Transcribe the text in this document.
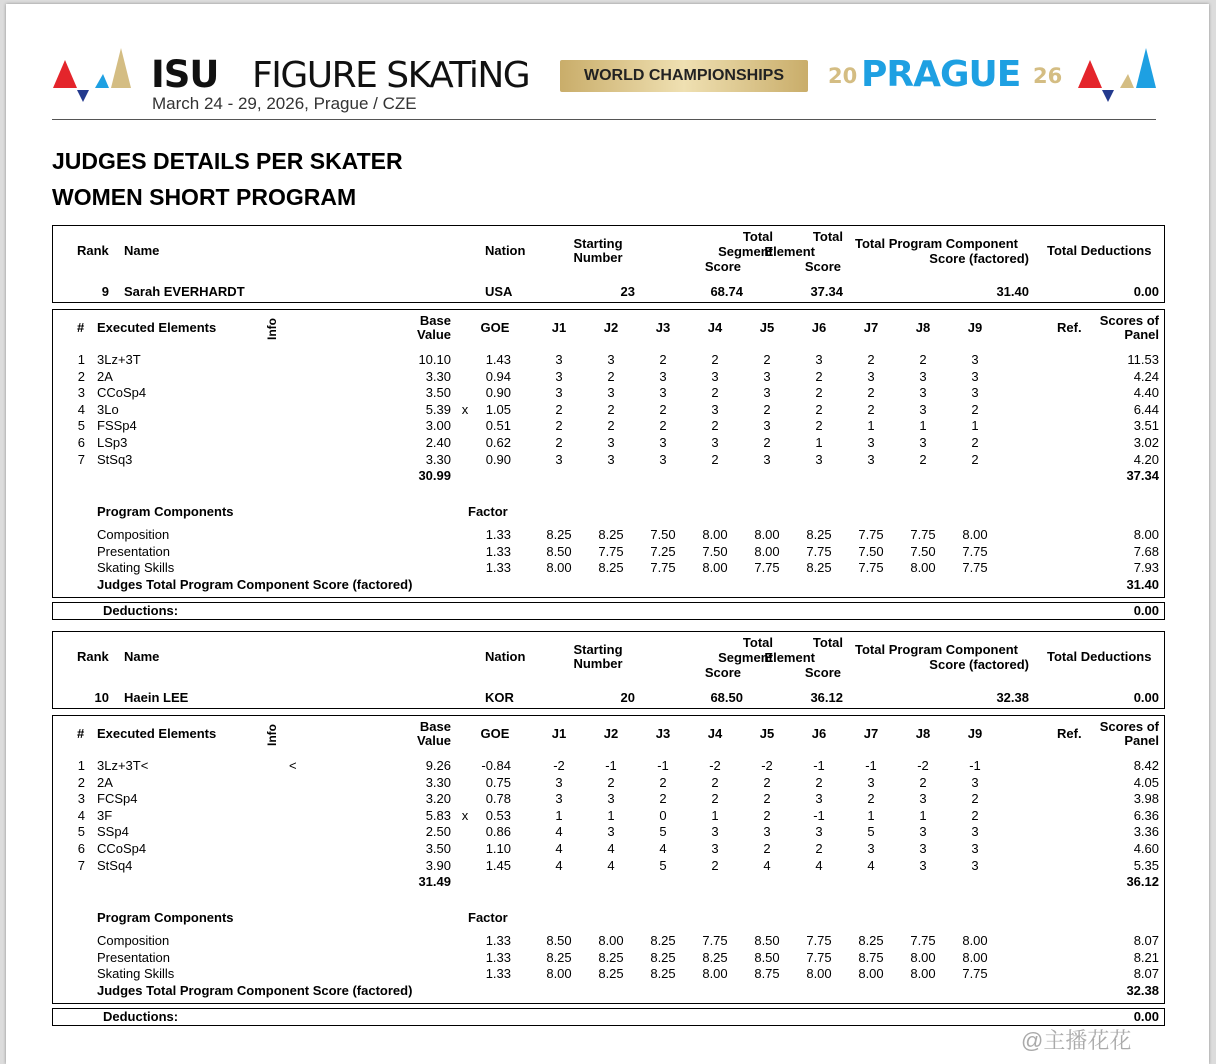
ISU FIGURE SKATiNG	WORLD CHAMPIONSHIPS	20 PRAGUE 26
March 24 - 29, 2026, Prague / CZE
JUDGES DETAILS PER SKATER
WOMEN SHORT PROGRAM
Rank Name	Nation	Starting
Number
Total
Segment
Score
Total
Element
Score
Total Program Component
Score (factored)
Total Deductions
9 Sarah EVERHARDT	USA	23	68.74	37.34	31.40	0.00
# Executed Elements	Info	Base
Value	GOE	J1	J2	J3	J4	J5	J6	J7	J8	J9	Ref.	Scores of
Panel
1 3Lz+3T	10.10	1.43	3	3	2	2	2	3	2	2	3	11.53
2 2A	3.30	0.94	3	2	3	3	3	2	3	3	3	4.24
3 CCoSp4	3.50	0.90	3	3	3	2	3	2	2	3	3	4.40
4 3Lo	5.39 x	1.05	2	2	2	3	2	2	2	3	2	6.44
5 FSSp4	3.00	0.51	2	2	2	2	3	2	1	1	1	3.51
6 LSp3	2.40	0.62	2	3	3	3	2	1	3	3	2	3.02
7 StSq3	3.30	0.90	3	3	3	2	3	3	3	2	2	4.20
30.99	37.34
Program Components	Factor
Composition	1.33	8.25	8.25	7.50	8.00	8.00	8.25	7.75	7.75	8.00	8.00
Presentation	1.33	8.50	7.75	7.25	7.50	8.00	7.75	7.50	7.50	7.75	7.68
Skating Skills	1.33	8.00	8.25	7.75	8.00	7.75	8.25	7.75	8.00	7.75	7.93
Judges Total Program Component Score (factored)	31.40
Deductions:	0.00
Rank Name	Nation	Starting
Number
Total
Segment
Score
Total
Element
Score
Total Program Component
Score (factored)
Total Deductions
10 Haein LEE	KOR	20	68.50	36.12	32.38	0.00
# Executed Elements	Info	Base
Value	GOE	J1	J2	J3	J4	J5	J6	J7	J8	J9	Ref.	Scores of
Panel
1 3Lz+3T<	<	9.26	-0.84	-2	-1	-1	-2	-2	-1	-1	-2	-1	8.42
2 2A	3.30	0.75	3	2	2	2	2	2	3	2	3	4.05
3 FCSp4	3.20	0.78	3	3	2	2	2	3	2	3	2	3.98
4 3F	5.83 x	0.53	1	1	0	1	2	-1	1	1	2	6.36
5 SSp4	2.50	0.86	4	3	5	3	3	3	5	3	3	3.36
6 CCoSp4	3.50	1.10	4	4	4	3	2	2	3	3	3	4.60
7 StSq4	3.90	1.45	4	4	5	2	4	4	4	3	3	5.35
31.49	36.12
Program Components	Factor
Composition	1.33	8.50	8.00	8.25	7.75	8.50	7.75	8.25	7.75	8.00	8.07
Presentation	1.33	8.25	8.25	8.25	8.25	8.50	7.75	8.75	8.00	8.00	8.21
Skating Skills	1.33	8.00	8.25	8.25	8.00	8.75	8.00	8.00	8.00	7.75	8.07
Judges Total Program Component Score (factored)	32.38
Deductions:	0.00
@主播花花
